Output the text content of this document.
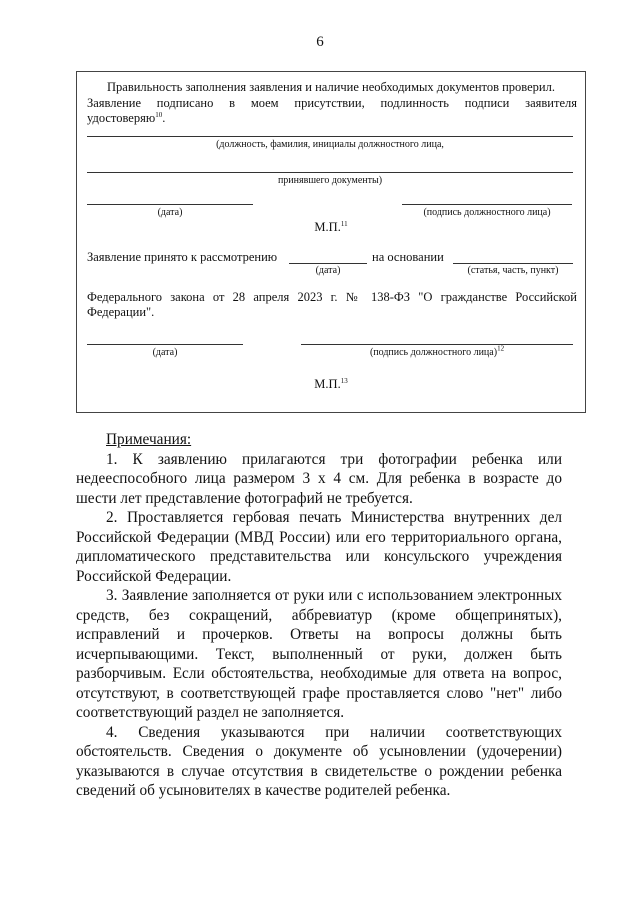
6
Правильность заполнения заявления и наличие необходимых документов проверил.
Заявление подписано в моем присутствии, подлинность подписи заявителя
удостоверяю$^{10}$.
(должность, фамилия, инициалы должностного лица,
принявшего документы)
(дата)	(подпись должностного лица)
М.П.$^{11}$
Заявление принято к рассмотрению
(дата)
на основании
(статья, часть, пункт)
Федерального закона от 28 апреля 2023 г. № 138-ФЗ "О гражданстве Российской
Федерации".
(дата)	(подпись должностного лица)$^{12}$
М.П.$^{13}$

Примечания:

1. К заявлению прилагаются три фотографии ребенка или недееспособного лица размером 3 x 4 см. Для ребенка в возрасте до шести лет представление фотографий не требуется.

2. Проставляется гербовая печать Министерства внутренних дел Российской Федерации (МВД России) или его территориального органа, дипломатического представительства или консульского учреждения Российской Федерации.

3. Заявление заполняется от руки или с использованием электронных средств, без сокращений, аббревиатур (кроме общепринятых), исправлений и прочерков. Ответы на вопросы должны быть исчерпывающими. Текст, выполненный от руки, должен быть разборчивым. Если обстоятельства, необходимые для ответа на вопрос, отсутствуют, в соответствующей графе проставляется слово "нет" либо соответствующий раздел не заполняется.

4. Сведения указываются при наличии соответствующих обстоятельств. Сведения о документе об усыновлении (удочерении) указываются в случае отсутствия в свидетельстве о рождении ребенка сведений об усыновителях в качестве родителей ребенка.
